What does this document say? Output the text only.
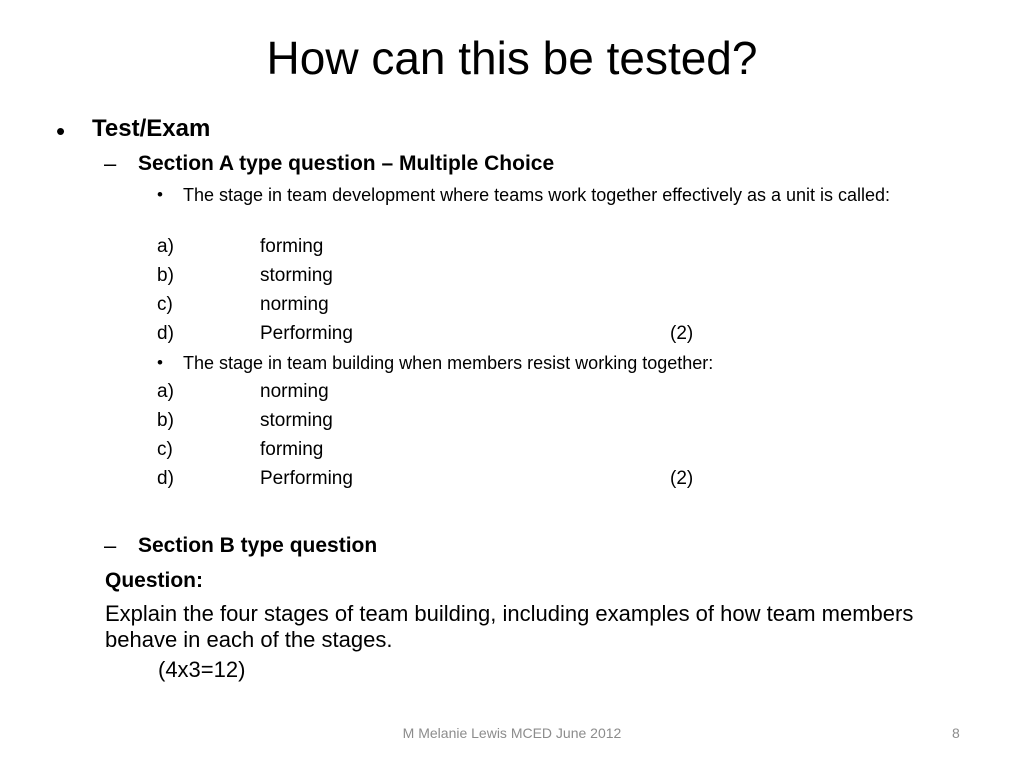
How can this be tested?
• Test/Exam
– Section A type question – Multiple Choice
• The stage in team development where teams work together effectively as a unit is called:
a)	forming
b)	storming
c)	norming
d)	Performing	(2)
• The stage in team building when members resist working together:
a)	norming
b)	storming
c)	forming
d)	Performing	(2)
– Section B type question
Question:
Explain the four stages of team building, including examples of how team members behave in each of the stages.
(4x3=12)
M Melanie Lewis MCED June 2012	8
